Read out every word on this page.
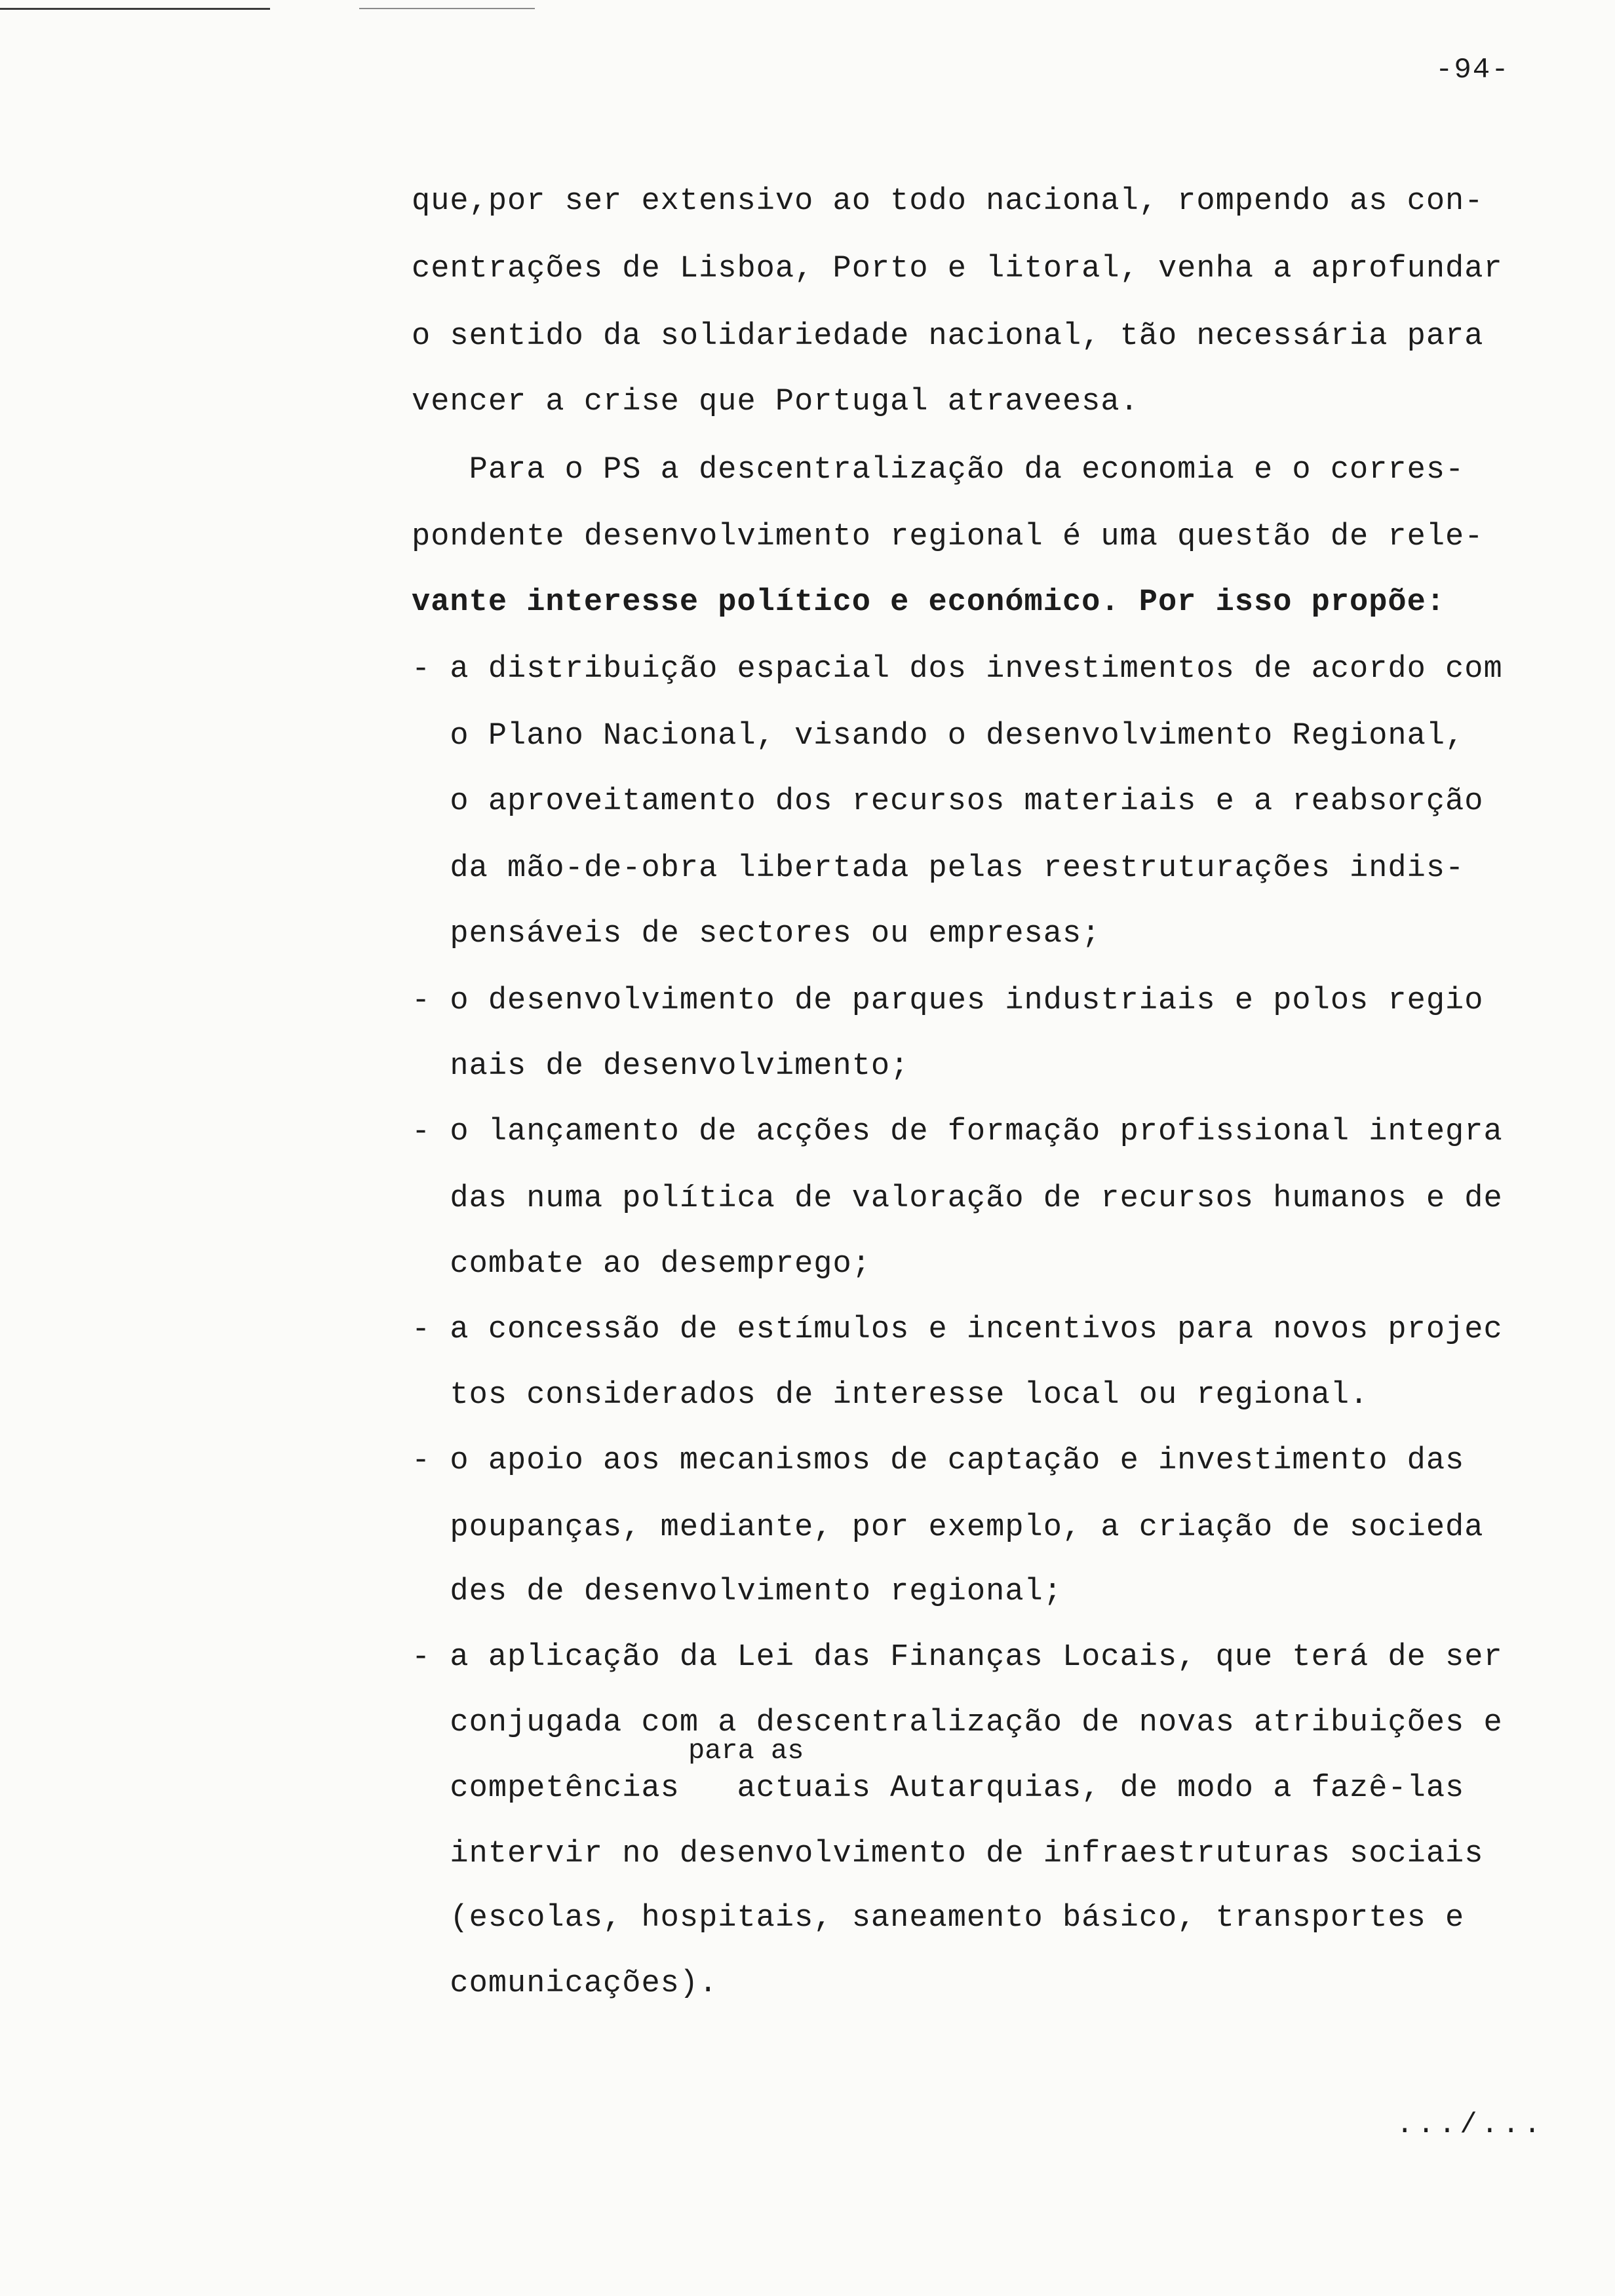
-94-
que,por ser extensivo ao todo nacional, rompendo as con-
centrações de Lisboa, Porto e litoral, venha a aprofundar
o sentido da solidariedade nacional, tão necessária para
vencer a crise que Portugal atraveesa.
Para o PS a descentralização da economia e o corres-
pondente desenvolvimento regional é uma questão de rele-
vante interesse político e económico. Por isso propõe:
- a distribuição espacial dos investimentos de acordo com
o Plano Nacional, visando o desenvolvimento Regional,
o aproveitamento dos recursos materiais e a reabsorção
da mão-de-obra libertada pelas reestruturações indis-
pensáveis de sectores ou empresas;
- o desenvolvimento de parques industriais e polos regio
nais de desenvolvimento;
- o lançamento de acções de formação profissional integra
das numa política de valoração de recursos humanos e de
combate ao desemprego;
- a concessão de estímulos e incentivos para novos projec
tos considerados de interesse local ou regional.
- o apoio aos mecanismos de captação e investimento das
poupanças, mediante, por exemplo, a criação de socieda
des de desenvolvimento regional;
- a aplicação da Lei das Finanças Locais, que terá de ser
conjugada com a descentralização de novas atribuições e
competências   actuais Autarquias, de modo a fazê-las
intervir no desenvolvimento de infraestruturas sociais
(escolas, hospitais, saneamento básico, transportes e
comunicações).
para as
.../...
